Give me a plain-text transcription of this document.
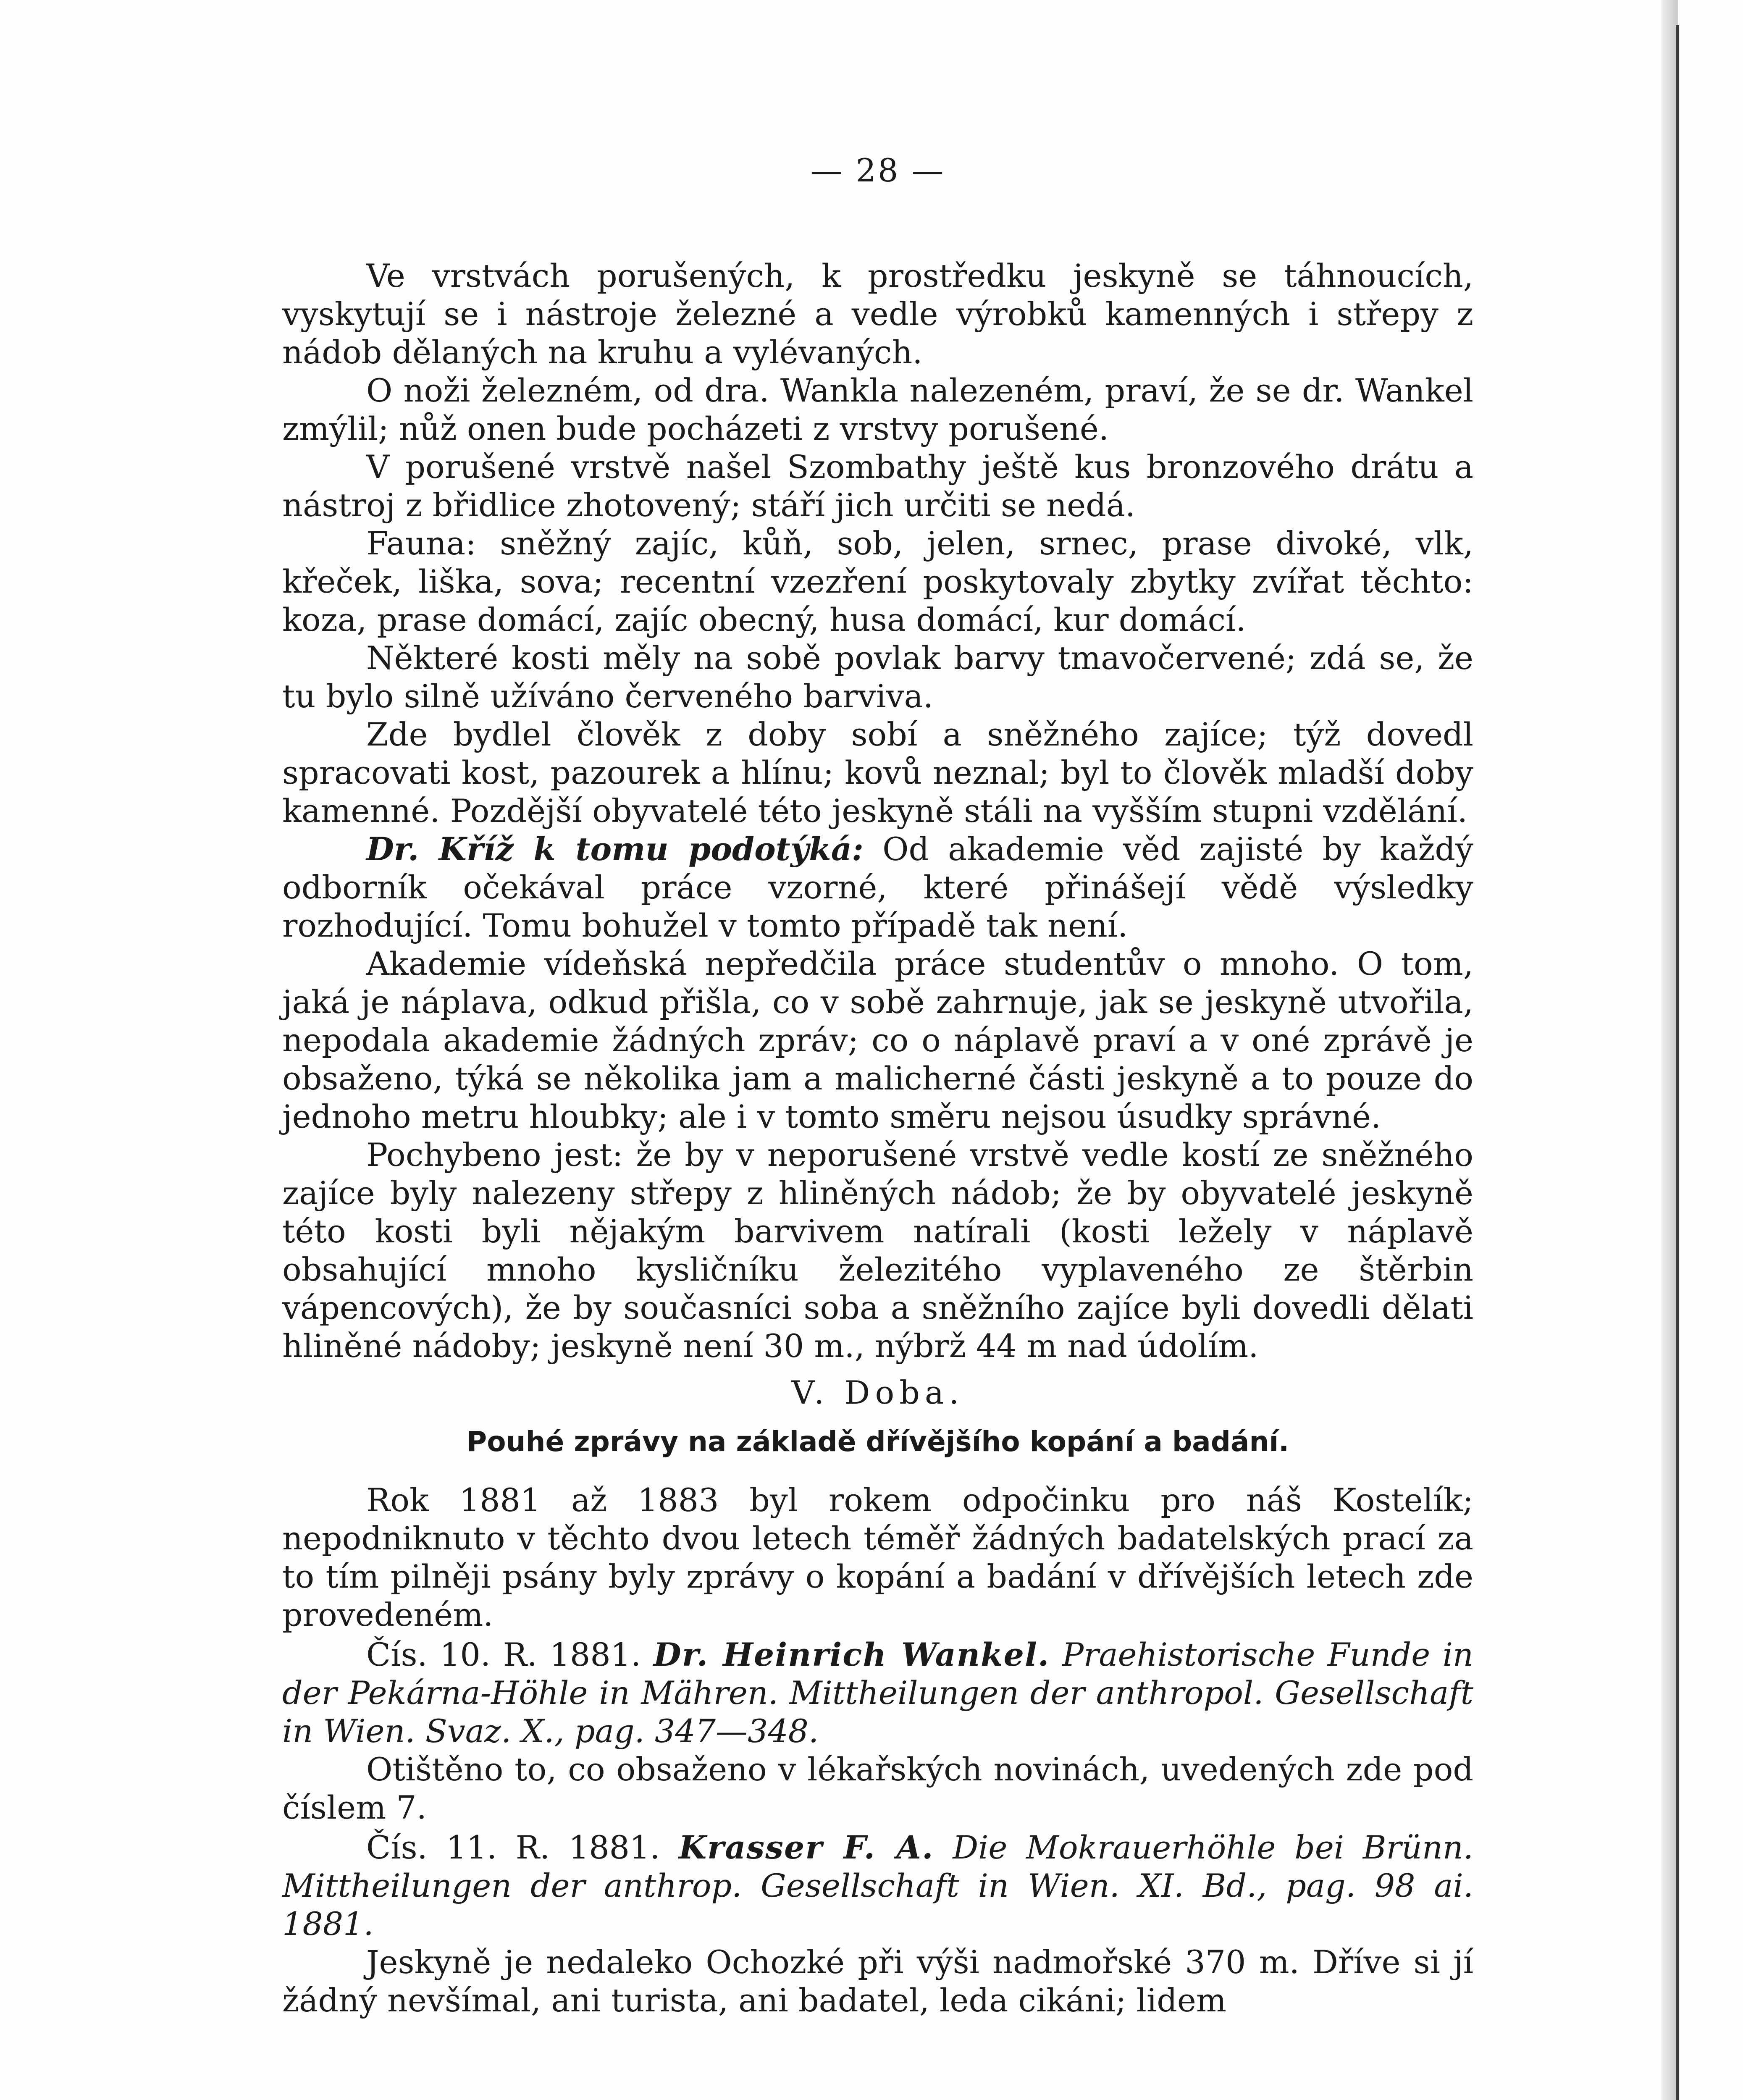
— 28 —

Ve vrstvách porušených, k prostředku jeskyně se táhnoucích, vyskytují se i nástroje železné a vedle výrobků kamenných i střepy z nádob dělaných na kruhu a vylévaných.

O noži železném, od dra. Wankla nalezeném, praví, že se dr. Wankel zmýlil; nůž onen bude pocházeti z vrstvy porušené.

V porušené vrstvě našel Szombathy ještě kus bronzového drátu a nástroj z břidlice zhotovený; stáří jich určiti se nedá.

Fauna: sněžný zajíc, kůň, sob, jelen, srnec, prase divoké, vlk, křeček, liška, sova; recentní vzezření poskytovaly zbytky zvířat těchto: koza, prase domácí, zajíc obecný, husa domácí, kur domácí.

Některé kosti měly na sobě povlak barvy tmavočervené; zdá se, že tu bylo silně užíváno červeného barviva.

Zde bydlel člověk z doby sobí a sněžného zajíce; týž dovedl spracovati kost, pazourek a hlínu; kovů neznal; byl to člověk mladší doby kamenné. Pozdější obyvatelé této jeskyně stáli na vyšším stupni vzdělání.

Dr. Kříž k tomu podotýká: Od akademie věd zajisté by každý odborník očekával práce vzorné, které přinášejí vědě výsledky rozhodující. Tomu bohužel v tomto případě tak není.

Akademie vídeňská nepředčila práce studentův o mnoho. O tom, jaká je náplava, odkud přišla, co v sobě zahrnuje, jak se jeskyně utvořila, nepodala akademie žádných zpráv; co o náplavě praví a v oné zprávě je obsaženo, týká se několika jam a malicherné části jeskyně a to pouze do jednoho metru hloubky; ale i v tomto směru nejsou úsudky správné.

Pochybeno jest: že by v neporušené vrstvě vedle kostí ze sněžného zajíce byly nalezeny střepy z hliněných nádob; že by obyvatelé jeskyně této kosti byli nějakým barvivem natírali (kosti ležely v náplavě obsahující mnoho kysličníku železitého vyplaveného ze štěrbin vápencových), že by současníci soba a sněžního zajíce byli dovedli dělati hliněné nádoby; jeskyně není 30 m., nýbrž 44 m nad údolím.

V. Doba.

Pouhé zprávy na základě dřívějšího kopání a badání.

Rok 1881 až 1883 byl rokem odpočinku pro náš Kostelík; nepodniknuto v těchto dvou letech téměř žádných badatelských prací za to tím pilněji psány byly zprávy o kopání a badání v dřívějších letech zde provedeném.

Čís. 10. R. 1881. Dr. Heinrich Wankel. Praehistorische Funde in der Pekárna-Höhle in Mähren. Mittheilungen der anthropol. Gesellschaft in Wien. Svaz. X., pag. 347—348.

Otištěno to, co obsaženo v lékařských novinách, uvedených zde pod číslem 7.

Čís. 11. R. 1881. Krasser F. A. Die Mokrauerhöhle bei Brünn. Mittheilungen der anthrop. Gesellschaft in Wien. XI. Bd., pag. 98 ai. 1881.

Jeskyně je nedaleko Ochozké při výši nadmořské 370 m. Dříve si jí žádný nevšímal, ani turista, ani badatel, leda cikáni; lidem
